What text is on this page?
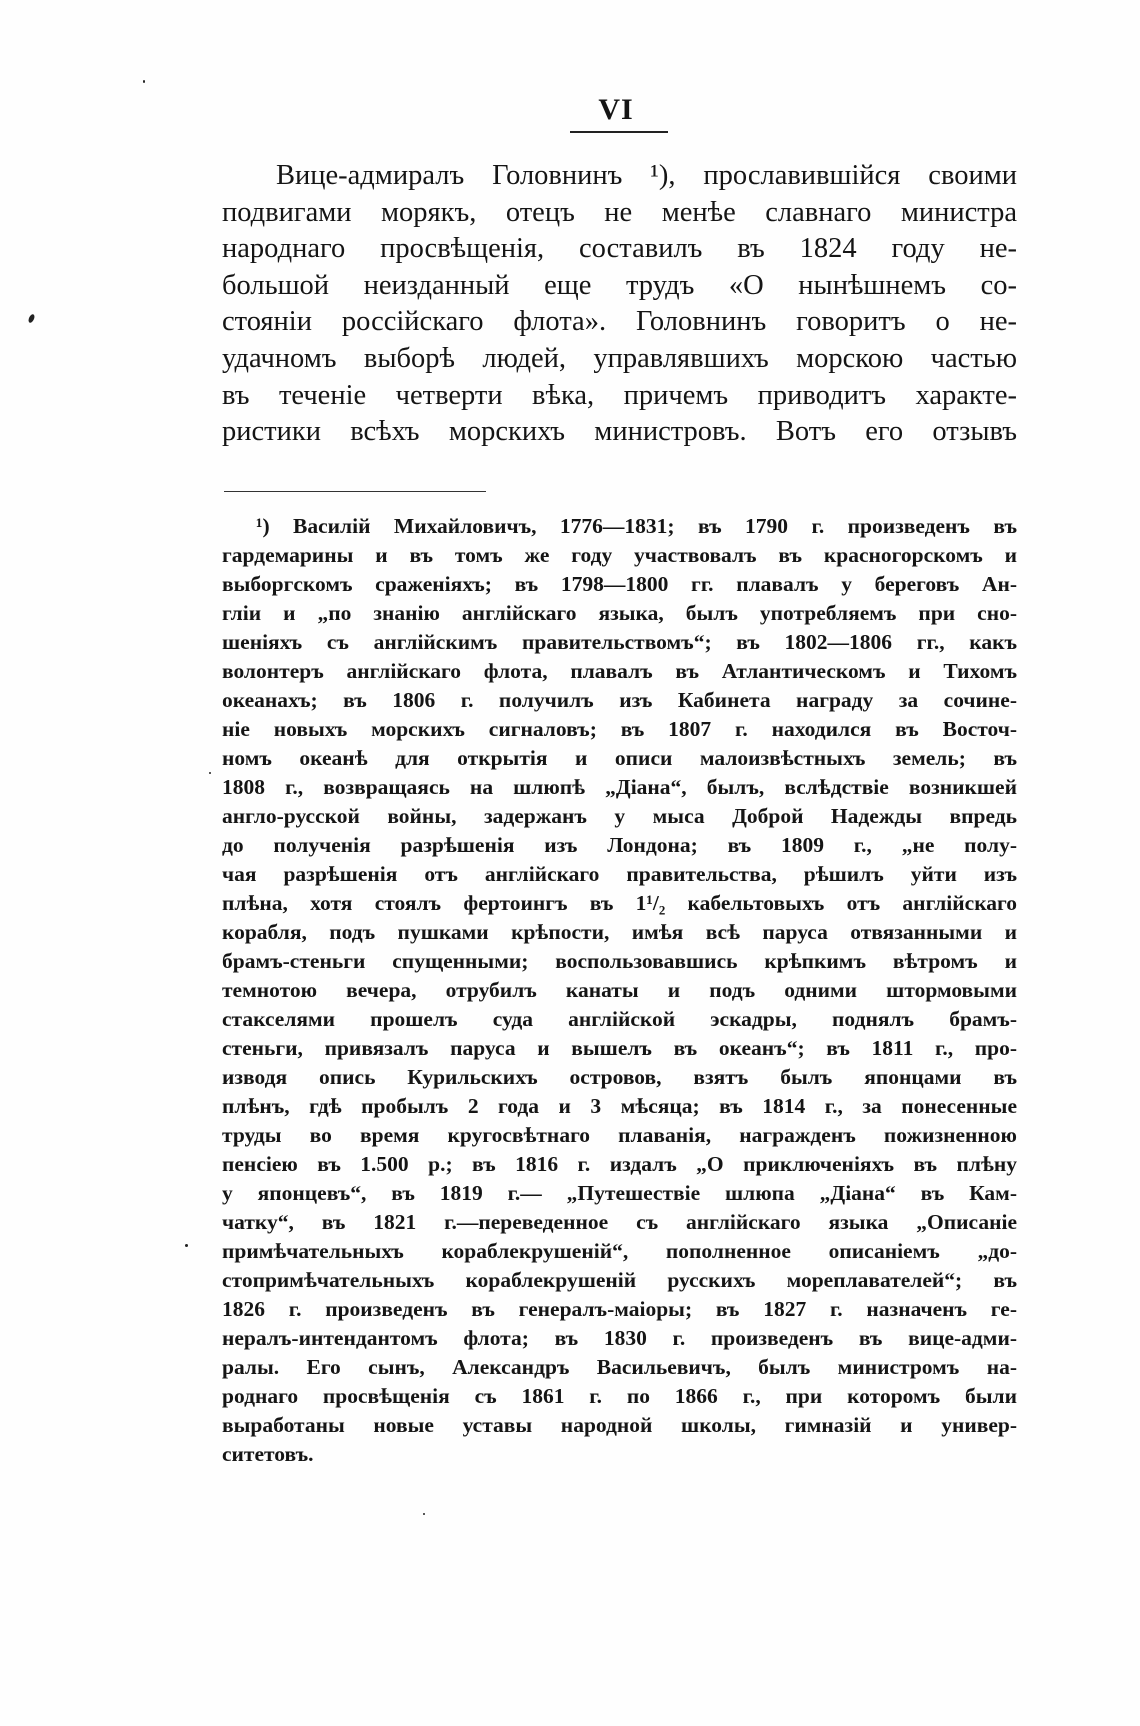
VI
Вице-адмиралъ Головнинъ ¹), прославившійся своими
подвигами морякъ, отецъ не менѣе славнаго министра
народнаго просвѣщенія, составилъ въ 1824 году не-
большой неизданный еще трудъ «О нынѣшнемъ со-
стояніи россійскаго флота». Головнинъ говоритъ о не-
удачномъ выборѣ людей, управлявшихъ морскою частью
въ теченіе четверти вѣка, причемъ приводитъ характе-
ристики всѣхъ морскихъ министровъ. Вотъ его отзывъ
¹) Василій Михайловичъ, 1776—1831; въ 1790 г. произведенъ въ
гардемарины и въ томъ же году участвовалъ въ красногорскомъ и
выборгскомъ сраженіяхъ; въ 1798—1800 гг. плавалъ у береговъ Ан-
гліи и „по знанію англійскаго языка, былъ употребляемъ при сно-
шеніяхъ съ англійскимъ правительствомъ“; въ 1802—1806 гг., какъ
волонтеръ англійскаго флота, плавалъ въ Атлантическомъ и Тихомъ
океанахъ; въ 1806 г. получилъ изъ Кабинета награду за сочине-
ніе новыхъ морскихъ сигналовъ; въ 1807 г. находился въ Восточ-
номъ океанѣ для открытія и описи малоизвѣстныхъ земель; въ
1808 г., возвращаясь на шлюпѣ „Діана“, былъ, вслѣдствіе возникшей
англо-русской войны, задержанъ у мыса Доброй Надежды впредь
до полученія разрѣшенія изъ Лондона; въ 1809 г., „не полу-
чая разрѣшенія отъ англійскаго правительства, рѣшилъ уйти изъ
плѣна, хотя стоялъ фертоингъ въ 1¹/₂ кабельтовыхъ отъ англійскаго
корабля, подъ пушками крѣпости, имѣя всѣ паруса отвязанными и
брамъ-стеньги спущенными; воспользовавшись крѣпкимъ вѣтромъ и
темнотою вечера, отрубилъ канаты и подъ одними штормовыми
стакселями прошелъ суда англійской эскадры, поднялъ брамъ-
стеньги, привязалъ паруса и вышелъ въ океанъ“; въ 1811 г., про-
изводя опись Курильскихъ островов, взятъ былъ японцами въ
плѣнъ, гдѣ пробылъ 2 года и 3 мѣсяца; въ 1814 г., за понесенные
труды во время кругосвѣтнаго плаванія, награжденъ пожизненною
пенсіею въ 1.500 р.; въ 1816 г. издалъ „О приключеніяхъ въ плѣну
у японцевъ“, въ 1819 г.— „Путешествіе шлюпа „Діана“ въ Кам-
чатку“, въ 1821 г.—переведенное съ англійскаго языка „Описаніе
примѣчательныхъ кораблекрушеній“, пополненное описаніемъ „до-
стопримѣчательныхъ кораблекрушеній русскихъ мореплавателей“; въ
1826 г. произведенъ въ генералъ-маіоры; въ 1827 г. назначенъ ге-
нералъ-интендантомъ флота; въ 1830 г. произведенъ въ вице-адми-
ралы. Его сынъ, Александръ Васильевичъ, былъ министромъ на-
роднаго просвѣщенія съ 1861 г. по 1866 г., при которомъ были
выработаны новые уставы народной школы, гимназій и универ-
ситетовъ.
